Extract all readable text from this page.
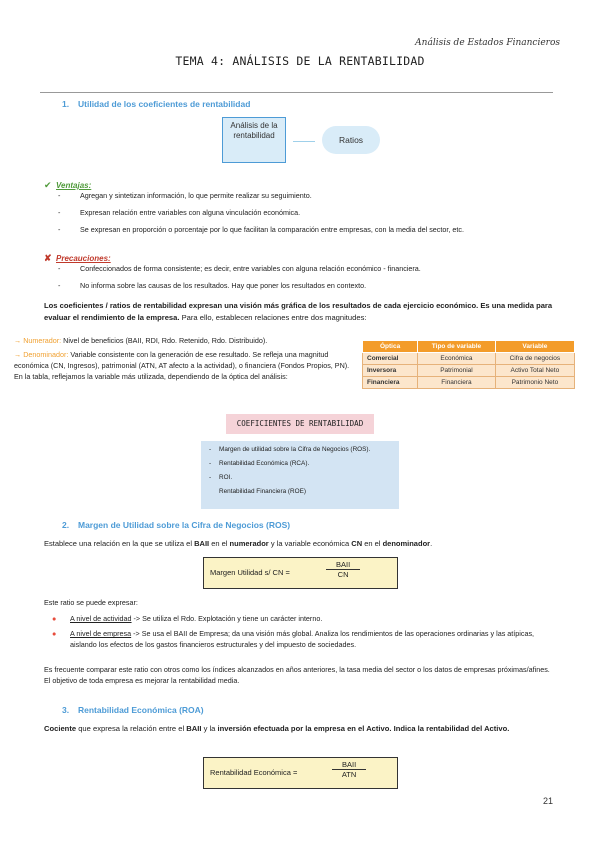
Análisis de Estados Financieros
TEMA 4: ANÁLISIS DE LA RENTABILIDAD
1. Utilidad de los coeficientes de rentabilidad
Análisis de la rentabilidad	Ratios
✔ Ventajas:
-	Agregan y sintetizan información, lo que permite realizar su seguimiento.
-	Expresan relación entre variables con alguna vinculación económica.
-	Se expresan en proporción o porcentaje por lo que facilitan la comparación entre empresas, con la media del sector, etc.
✘ Precauciones:
-	Confeccionados de forma consistente; es decir, entre variables con alguna relación económico - financiera.
-	No informa sobre las causas de los resultados. Hay que poner los resultados en contexto.
Los coeficientes / ratios de rentabilidad expresan una visión más gráfica de los resultados de cada ejercicio económico. Es una medida para evaluar el rendimiento de la empresa. Para ello, establecen relaciones entre dos magnitudes:
→ Numerador: Nivel de beneficios (BAII, RDI, Rdo. Retenido, Rdo. Distribuido).
→ Denominador: Variable consistente con la generación de ese resultado. Se refleja una magnitud económica (CN, Ingresos), patrimonial (ATN, AT afecto a la actividad), o financiera (Fondos Propios, PN). En la tabla, reflejamos la variable más utilizada, dependiendo de la óptica del análisis:
Óptica	Tipo de variable	Variable
Comercial	Económica	Cifra de negocios
Inversora	Patrimonial	Activo Total Neto
Financiera	Financiera	Patrimonio Neto
COEFICIENTES DE RENTABILIDAD
- Margen de utilidad sobre la Cifra de Negocios (ROS).
- Rentabilidad Económica (RCA).
- ROI.
Rentabilidad Financiera (ROE)
2. Margen de Utilidad sobre la Cifra de Negocios (ROS)
Establece una relación en la que se utiliza el BAII en el numerador y la variable económica CN en el denominador.
Margen Utilidad s/ CN =
BAII
CN
Este ratio se puede expresar:
● A nivel de actividad -> Se utiliza el Rdo. Explotación y tiene un carácter interno.
● A nivel de empresa -> Se usa el BAII de Empresa; da una visión más global. Analiza los rendimientos de las operaciones ordinarias y las atípicas, aislando los efectos de los gastos financieros estructurales y del impuesto de sociedades.
Es frecuente comparar este ratio con otros como los índices alcanzados en años anteriores, la tasa media del sector o los datos de empresas próximas/afines. El objetivo de toda empresa es mejorar la rentabilidad media.
3. Rentabilidad Económica (ROA)
Cociente que expresa la relación entre el BAII y la inversión efectuada por la empresa en el Activo. Indica la rentabilidad del Activo.
Rentabilidad Económica =
BAII
ATN
21
